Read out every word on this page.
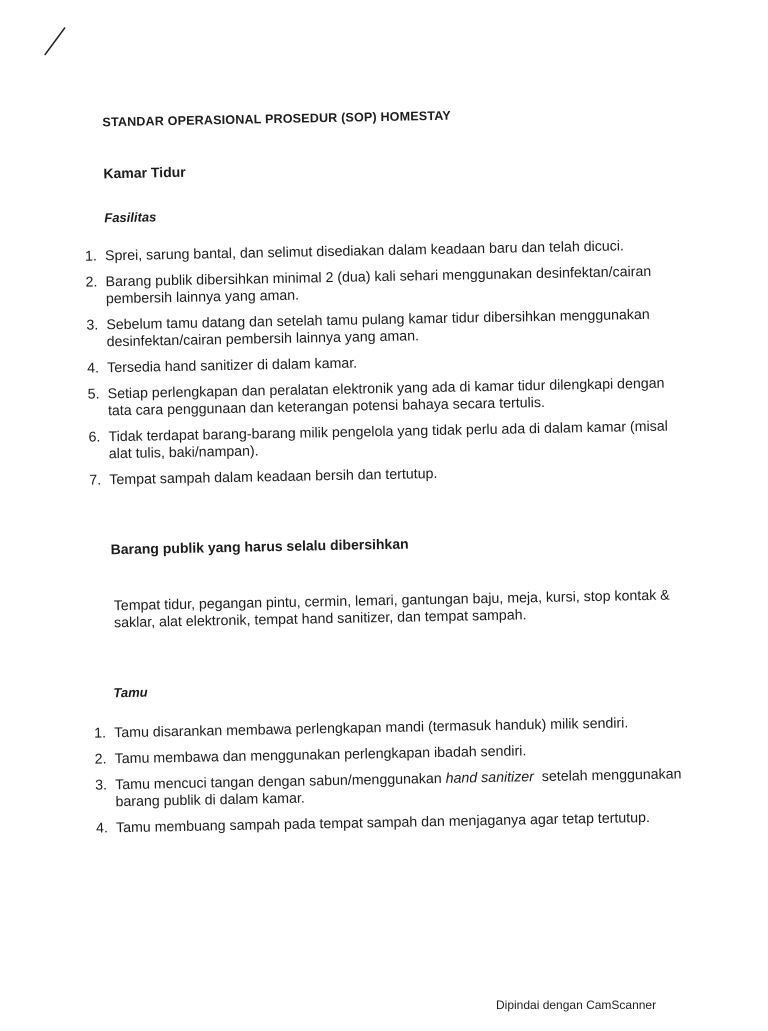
STANDAR OPERASIONAL PROSEDUR (SOP) HOMESTAY
Kamar Tidur
Fasilitas
1. Sprei, sarung bantal, dan selimut disediakan dalam keadaan baru dan telah dicuci.
2. Barang publik dibersihkan minimal 2 (dua) kali sehari menggunakan desinfektan/cairan pembersih lainnya yang aman.
3. Sebelum tamu datang dan setelah tamu pulang kamar tidur dibersihkan menggunakan desinfektan/cairan pembersih lainnya yang aman.
4. Tersedia hand sanitizer di dalam kamar.
5. Setiap perlengkapan dan peralatan elektronik yang ada di kamar tidur dilengkapi dengan tata cara penggunaan dan keterangan potensi bahaya secara tertulis.
6. Tidak terdapat barang-barang milik pengelola yang tidak perlu ada di dalam kamar (misal alat tulis, baki/nampan).
7. Tempat sampah dalam keadaan bersih dan tertutup.
Barang publik yang harus selalu dibersihkan
Tempat tidur, pegangan pintu, cermin, lemari, gantungan baju, meja, kursi, stop kontak &
saklar, alat elektronik, tempat hand sanitizer, dan tempat sampah.
Tamu
1. Tamu disarankan membawa perlengkapan mandi (termasuk handuk) milik sendiri.
2. Tamu membawa dan menggunakan perlengkapan ibadah sendiri.
3. Tamu mencuci tangan dengan sabun/menggunakan hand sanitizer  setelah menggunakan barang publik di dalam kamar.
4. Tamu membuang sampah pada tempat sampah dan menjaganya agar tetap tertutup.
Dipindai dengan CamScanner
